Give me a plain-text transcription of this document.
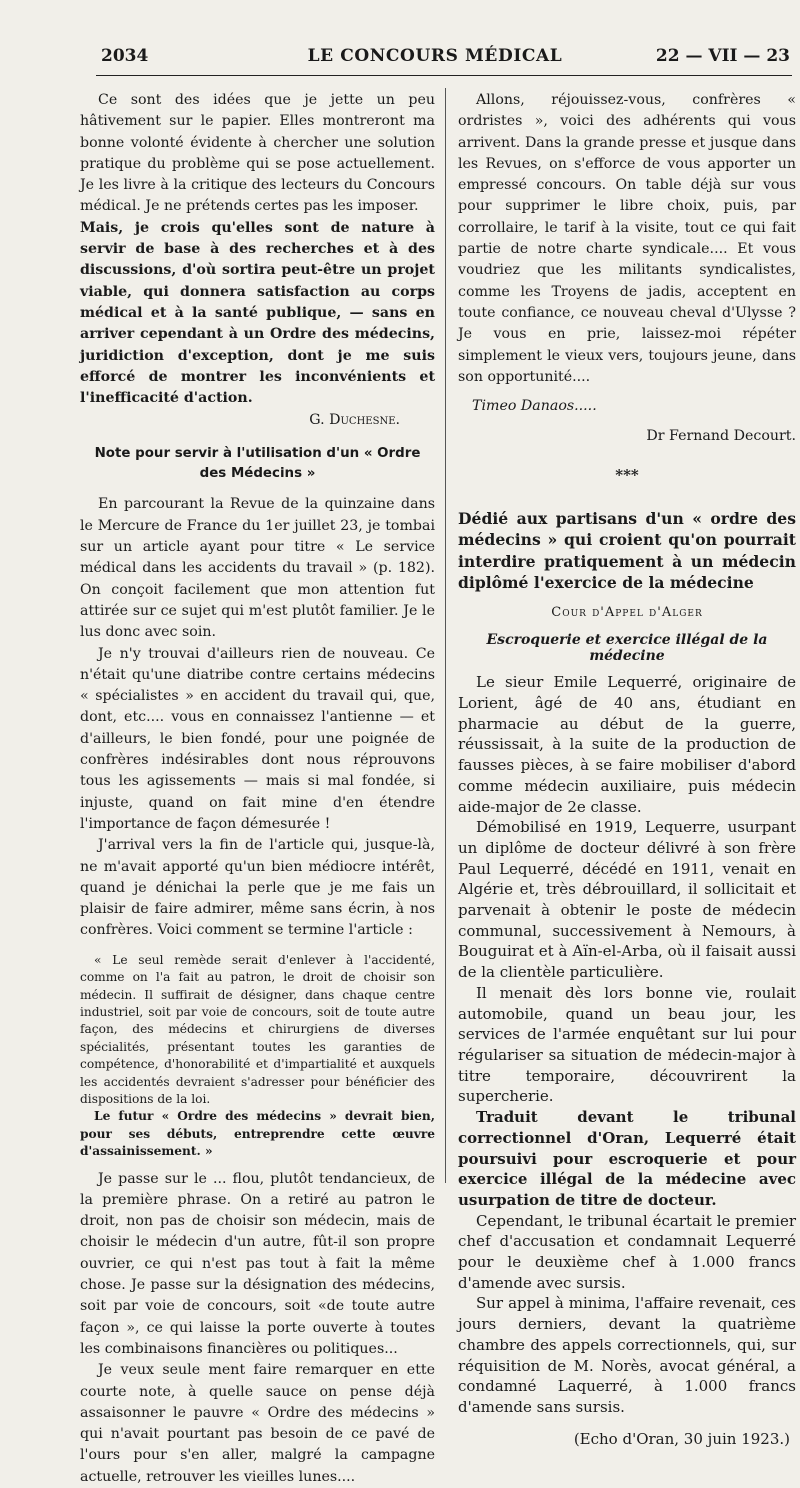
2034	LE CONCOURS MÉDICAL	22 — VII — 23

Ce sont des idées que je jette un peu hâtivement sur le papier. Elles montreront ma bonne volonté évidente à chercher une solution pratique du problème qui se pose actuellement. Je les livre à la critique des lecteurs du Concours médical. Je ne prétends certes pas les imposer.

Mais, je crois qu'elles sont de nature à servir de base à des recherches et à des discussions, d'où sortira peut-être un projet viable, qui donnera satisfaction au corps médical et à la santé publique, — sans en arriver cependant à un Ordre des médecins, juridiction d'exception, dont je me suis efforcé de montrer les inconvénients et l'inefficacité d'action.

G. Duchesne.

Note pour servir à l'utilisation d'un « Ordre des Médecins »

En parcourant la Revue de la quinzaine dans le Mercure de France du 1er juillet 23, je tombai sur un article ayant pour titre « Le service médical dans les accidents du travail » (p. 182). On conçoit facilement que mon attention fut attirée sur ce sujet qui m'est plutôt familier. Je le lus donc avec soin.

Je n'y trouvai d'ailleurs rien de nouveau. Ce n'était qu'une diatribe contre certains médecins « spécialistes » en accident du travail qui, que, dont, etc.... vous en connaissez l'antienne — et d'ailleurs, le bien fondé, pour une poignée de confrères indésirables dont nous réprouvons tous les agissements — mais si mal fondée, si injuste, quand on fait mine d'en étendre l'importance de façon démesurée !

J'arrival vers la fin de l'article qui, jusque-là, ne m'avait apporté qu'un bien médiocre intérêt, quand je dénichai la perle que je me fais un plaisir de faire admirer, même sans écrin, à nos confrères. Voici comment se termine l'article :

« Le seul remède serait d'enlever à l'accidenté, comme on l'a fait au patron, le droit de choisir son médecin. Il suffirait de désigner, dans chaque centre industriel, soit par voie de concours, soit de toute autre façon, des médecins et chirurgiens de diverses spécialités, présentant toutes les garanties de compétence, d'honorabilité et d'impartialité et auxquels les accidentés devraient s'adresser pour bénéficier des dispositions de la loi.

Le futur « Ordre des médecins » devrait bien, pour ses débuts, entreprendre cette œuvre d'assainissement. »

Je passe sur le ... flou, plutôt tendancieux, de la première phrase. On a retiré au patron le droit, non pas de choisir son médecin, mais de choisir le médecin d'un autre, fût-il son propre ouvrier, ce qui n'est pas tout à fait la même chose. Je passe sur la désignation des médecins, soit par voie de concours, soit «de toute autre façon », ce qui laisse la porte ouverte à toutes les combinaisons financières ou politiques...

Je veux seule ment faire remarquer en ette courte note, à quelle sauce on pense déjà assaisonner le pauvre « Ordre des médecins » qui n'avait pourtant pas besoin de ce pavé de l'ours pour s'en aller, malgré la campagne actuelle, retrouver les vieilles lunes....

Allons, réjouissez-vous, confrères « ordristes », voici des adhérents qui vous arrivent. Dans la grande presse et jusque dans les Revues, on s'efforce de vous apporter un empressé concours. On table déjà sur vous pour supprimer le libre choix, puis, par corrollaire, le tarif à la visite, tout ce qui fait partie de notre charte syndicale.... Et vous voudriez que les militants syndicalistes, comme les Troyens de jadis, acceptent en toute confiance, ce nouveau cheval d'Ulysse ? Je vous en prie, laissez-moi répéter simplement le vieux vers, toujours jeune, dans son opportunité....

Timeo Danaos.....

Dr Fernand Decourt.

***

Dédié aux partisans d'un « ordre des médecins » qui croient qu'on pourrait interdire pratiquement à un médecin diplômé l'exercice de la médecine

Cour d'Appel d'Alger

Escroquerie et exercice illégal de la médecine

Le sieur Emile Lequerré, originaire de Lorient, âgé de 40 ans, étudiant en pharmacie au début de la guerre, réussissait, à la suite de la production de fausses pièces, à se faire mobiliser d'abord comme médecin auxiliaire, puis médecin aide-major de 2e classe.

Démobilisé en 1919, Lequerre, usurpant un diplôme de docteur délivré à son frère Paul Lequerré, décédé en 1911, venait en Algérie et, très débrouillard, il sollicitait et parvenait à obtenir le poste de médecin communal, successivement à Nemours, à Bouguirat et à Aïn-el-Arba, où il faisait aussi de la clientèle particulière.

Il menait dès lors bonne vie, roulait automobile, quand un beau jour, les services de l'armée enquêtant sur lui pour régulariser sa situation de médecin-major à titre temporaire, découvrirent la supercherie.

Traduit devant le tribunal correctionnel d'Oran, Lequerré était poursuivi pour escroquerie et pour exercice illégal de la médecine avec usurpation de titre de docteur.

Cependant, le tribunal écartait le premier chef d'accusation et condamnait Lequerré pour le deuxième chef à 1.000 francs d'amende avec sursis.

Sur appel à minima, l'affaire revenait, ces jours derniers, devant la quatrième chambre des appels correctionnels, qui, sur réquisition de M. Norès, avocat général, a condamné Laquerré, à 1.000 francs d'amende sans sursis.

(Echo d'Oran, 30 juin 1923.)
